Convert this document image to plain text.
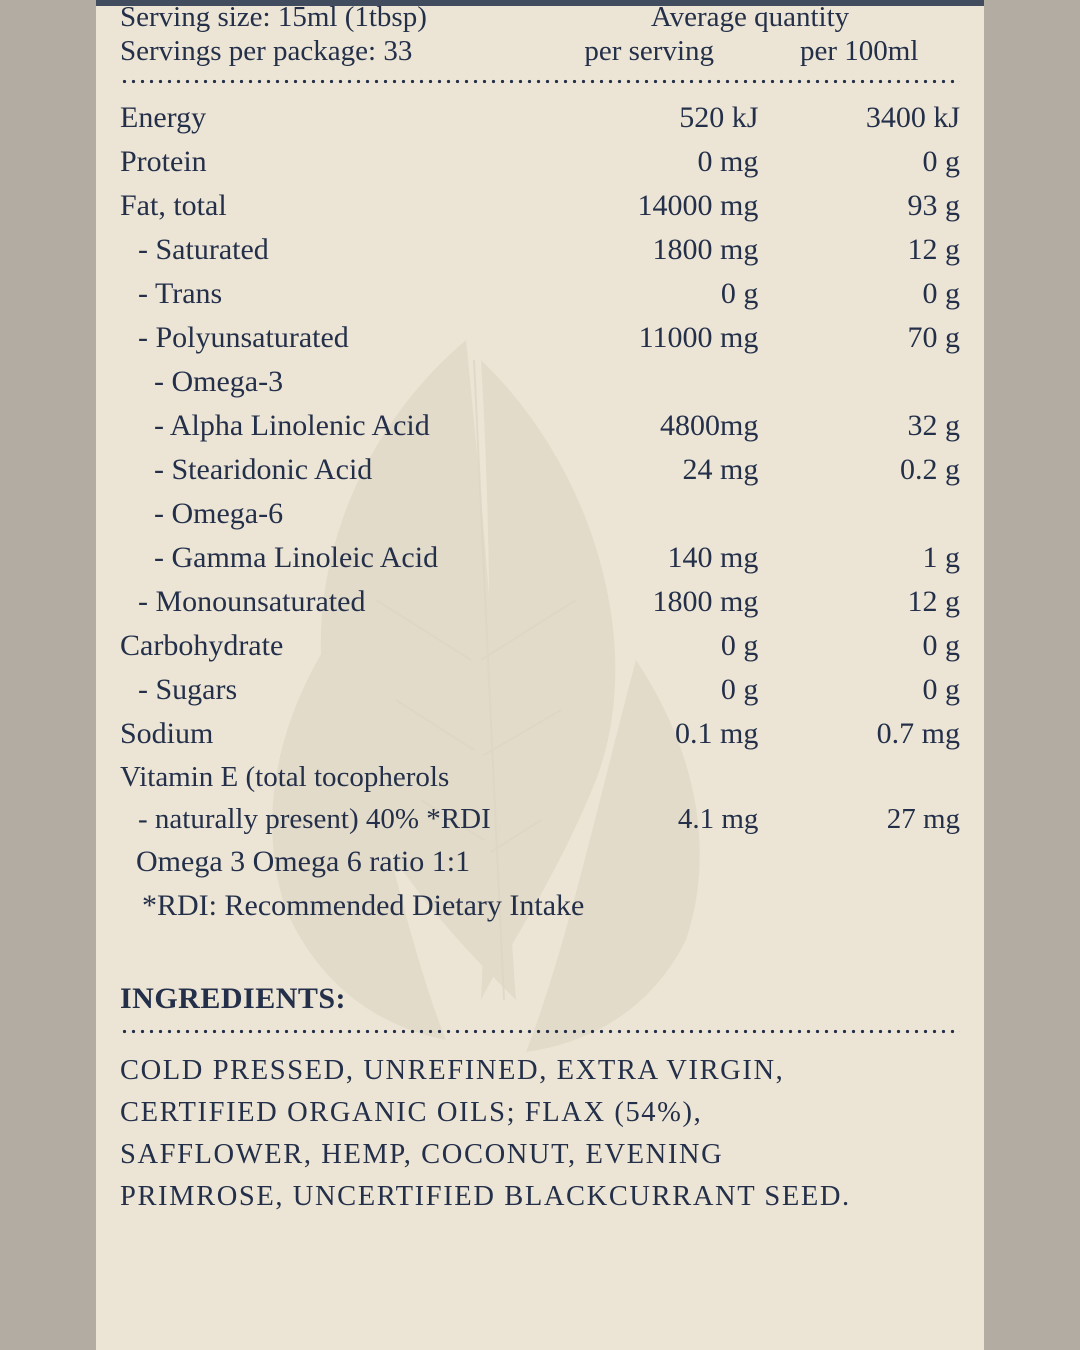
Serving size: 15ml (1tbsp)	Average quantity	
Servings per package: 33	per serving	per 100ml
Energy	520 kJ	3400 kJ
Protein	0 mg	0 g
Fat, total	14000 mg	93 g
- Saturated	1800 mg	12 g
- Trans	0 g	0 g
- Polyunsaturated	11000 mg	70 g
- Omega-3		
- Alpha Linolenic Acid	4800mg	32 g
- Stearidonic Acid	24 mg	0.2 g
- Omega-6		
- Gamma Linoleic Acid	140 mg	1 g
- Monounsaturated	1800 mg	12 g
Carbohydrate	0 g	0 g
- Sugars	0 g	0 g
Sodium	0.1 mg	0.7 mg
Vitamin E (total tocopherols		
- naturally present) 40% *RDI	4.1 mg	27 mg
Omega 3 Omega 6 ratio 1:1
*RDI: Recommended Dietary Intake
INGREDIENTS:
COLD PRESSED, UNREFINED, EXTRA VIRGIN,
CERTIFIED ORGANIC OILS; FLAX (54%),
SAFFLOWER, HEMP, COCONUT, EVENING
PRIMROSE, UNCERTIFIED BLACKCURRANT SEED.
